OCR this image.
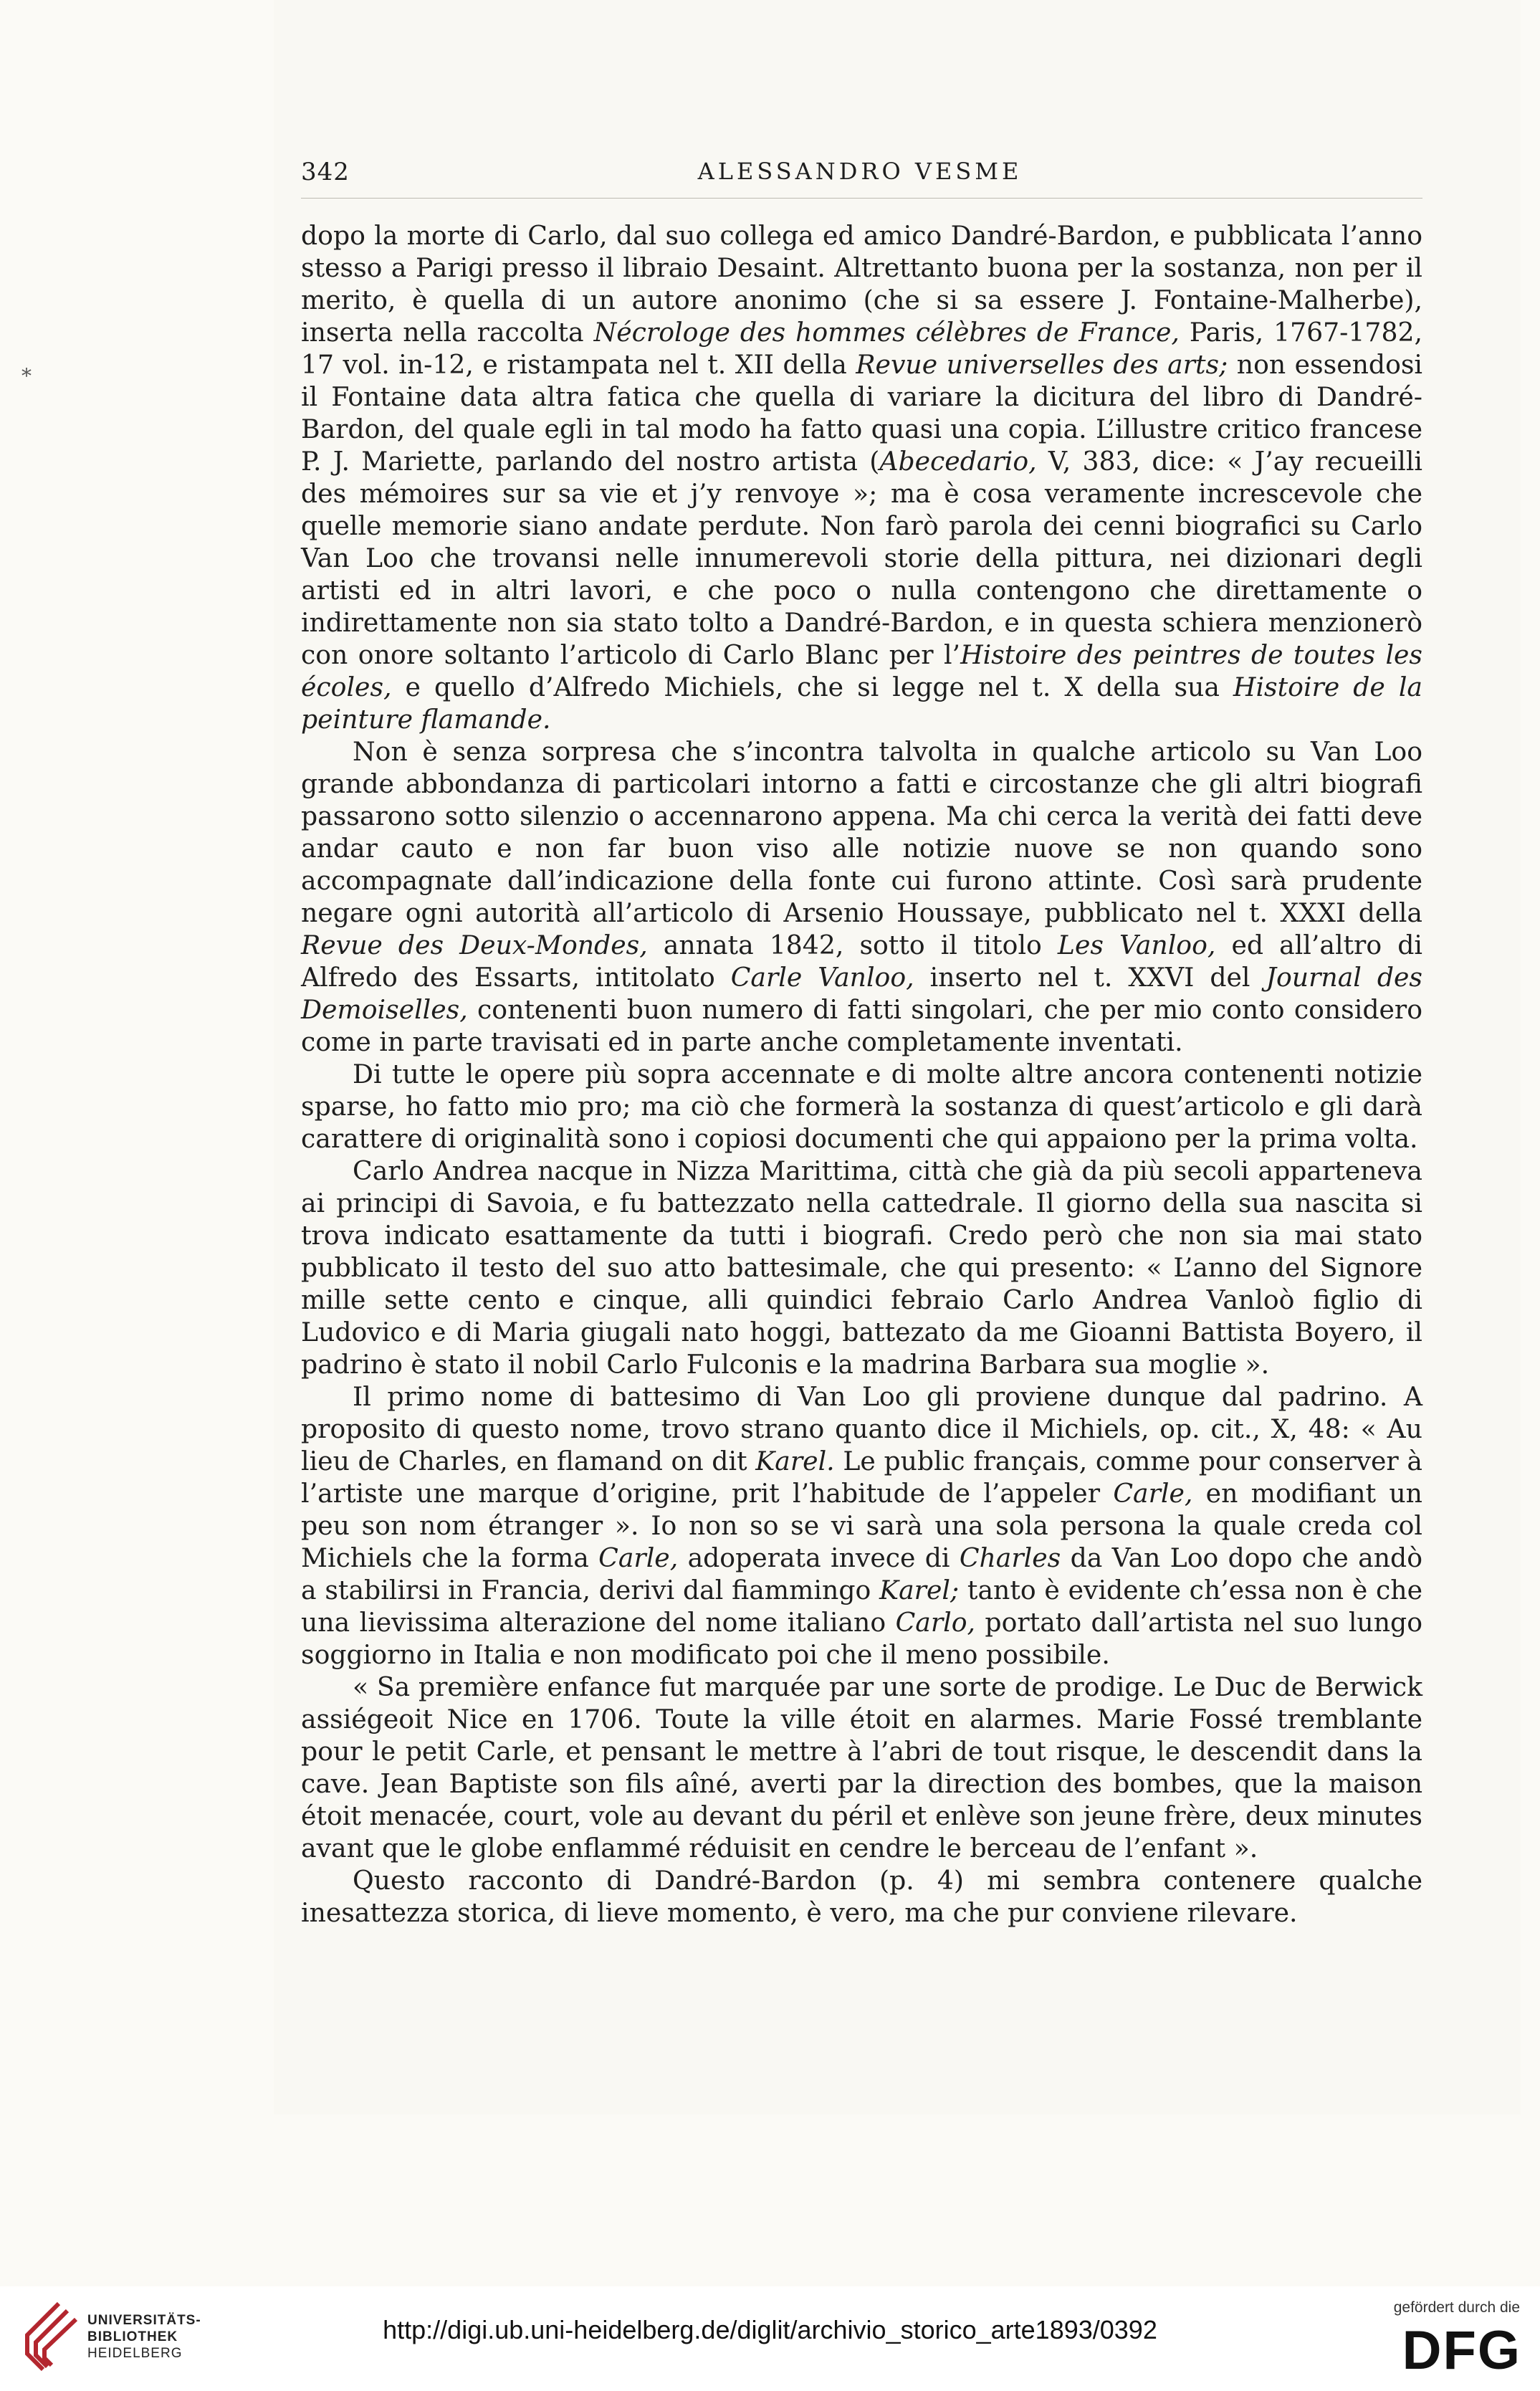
342	ALESSANDRO VESME
*

dopo la morte di Carlo, dal suo collega ed amico Dandré-Bardon, e pubblicata l’anno stesso a Parigi presso il libraio Desaint. Altrettanto buona per la sostanza, non per il merito, è quella di un autore anonimo (che si sa essere J. Fontaine-Malherbe), inserta nella raccolta Nécrologe des hommes célèbres de France, Paris, 1767-1782, 17 vol. in-12, e ristampata nel t. XII della Revue universelles des arts; non essendosi il Fontaine data altra fatica che quella di variare la dicitura del libro di Dandré-Bardon, del quale egli in tal modo ha fatto quasi una copia. L’illustre critico francese P. J. Mariette, parlando del nostro artista (Abecedario, V, 383, dice: « J’ay recueilli des mémoires sur sa vie et j’y renvoye »; ma è cosa veramente increscevole che quelle memorie siano andate perdute. Non farò parola dei cenni biografici su Carlo Van Loo che trovansi nelle innumerevoli storie della pittura, nei dizionari degli artisti ed in altri lavori, e che poco o nulla contengono che direttamente o indirettamente non sia stato tolto a Dandré-Bardon, e in questa schiera menzionerò con onore soltanto l’articolo di Carlo Blanc per l’Histoire des peintres de toutes les écoles, e quello d’Alfredo Michiels, che si legge nel t. X della sua Histoire de la peinture flamande.

Non è senza sorpresa che s’incontra talvolta in qualche articolo su Van Loo grande abbondanza di particolari intorno a fatti e circostanze che gli altri biografi passarono sotto silenzio o accennarono appena. Ma chi cerca la verità dei fatti deve andar cauto e non far buon viso alle notizie nuove se non quando sono accompagnate dall’indicazione della fonte cui furono attinte. Così sarà prudente negare ogni autorità all’articolo di Arsenio Houssaye, pubblicato nel t. XXXI della Revue des Deux-Mondes, annata 1842, sotto il titolo Les Vanloo, ed all’altro di Alfredo des Essarts, intitolato Carle Vanloo, inserto nel t. XXVI del Journal des Demoiselles, contenenti buon numero di fatti singolari, che per mio conto considero come in parte travisati ed in parte anche completamente inventati.

Di tutte le opere più sopra accennate e di molte altre ancora contenenti notizie sparse, ho fatto mio pro; ma ciò che formerà la sostanza di quest’articolo e gli darà carattere di originalità sono i copiosi documenti che qui appaiono per la prima volta.

Carlo Andrea nacque in Nizza Marittima, città che già da più secoli apparteneva ai principi di Savoia, e fu battezzato nella cattedrale. Il giorno della sua nascita si trova indicato esattamente da tutti i biografi. Credo però che non sia mai stato pubblicato il testo del suo atto battesimale, che qui presento: « L’anno del Signore mille sette cento e cinque, alli quindici febraio Carlo Andrea Vanloò figlio di Ludovico e di Maria giugali nato hoggi, battezato da me Gioanni Battista Boyero, il padrino è stato il nobil Carlo Fulconis e la madrina Barbara sua moglie ».

Il primo nome di battesimo di Van Loo gli proviene dunque dal padrino. A proposito di questo nome, trovo strano quanto dice il Michiels, op. cit., X, 48: « Au lieu de Charles, en flamand on dit Karel. Le public français, comme pour conserver à l’artiste une marque d’origine, prit l’habitude de l’appeler Carle, en modifiant un peu son nom étranger ». Io non so se vi sarà una sola persona la quale creda col Michiels che la forma Carle, adoperata invece di Charles da Van Loo dopo che andò a stabilirsi in Francia, derivi dal fiammingo Karel; tanto è evidente ch’essa non è che una lievissima alterazione del nome italiano Carlo, portato dall’artista nel suo lungo soggiorno in Italia e non modificato poi che il meno possibile.

« Sa première enfance fut marquée par une sorte de prodige. Le Duc de Berwick assiégeoit Nice en 1706. Toute la ville étoit en alarmes. Marie Fossé tremblante pour le petit Carle, et pensant le mettre à l’abri de tout risque, le descendit dans la cave. Jean Baptiste son fils aîné, averti par la direction des bombes, que la maison étoit menacée, court, vole au devant du péril et enlève son jeune frère, deux minutes avant que le globe enflammé réduisit en cendre le berceau de l’enfant ».

Questo racconto di Dandré-Bardon (p. 4) mi sembra contenere qualche inesattezza storica, di lieve momento, è vero, ma che pur conviene rilevare.

UNIVERSITÄTS-
BIBLIOTHEK
HEIDELBERG
http://digi.ub.uni-heidelberg.de/diglit/archivio_storico_arte1893/0392
gefördert durch die
DFG
